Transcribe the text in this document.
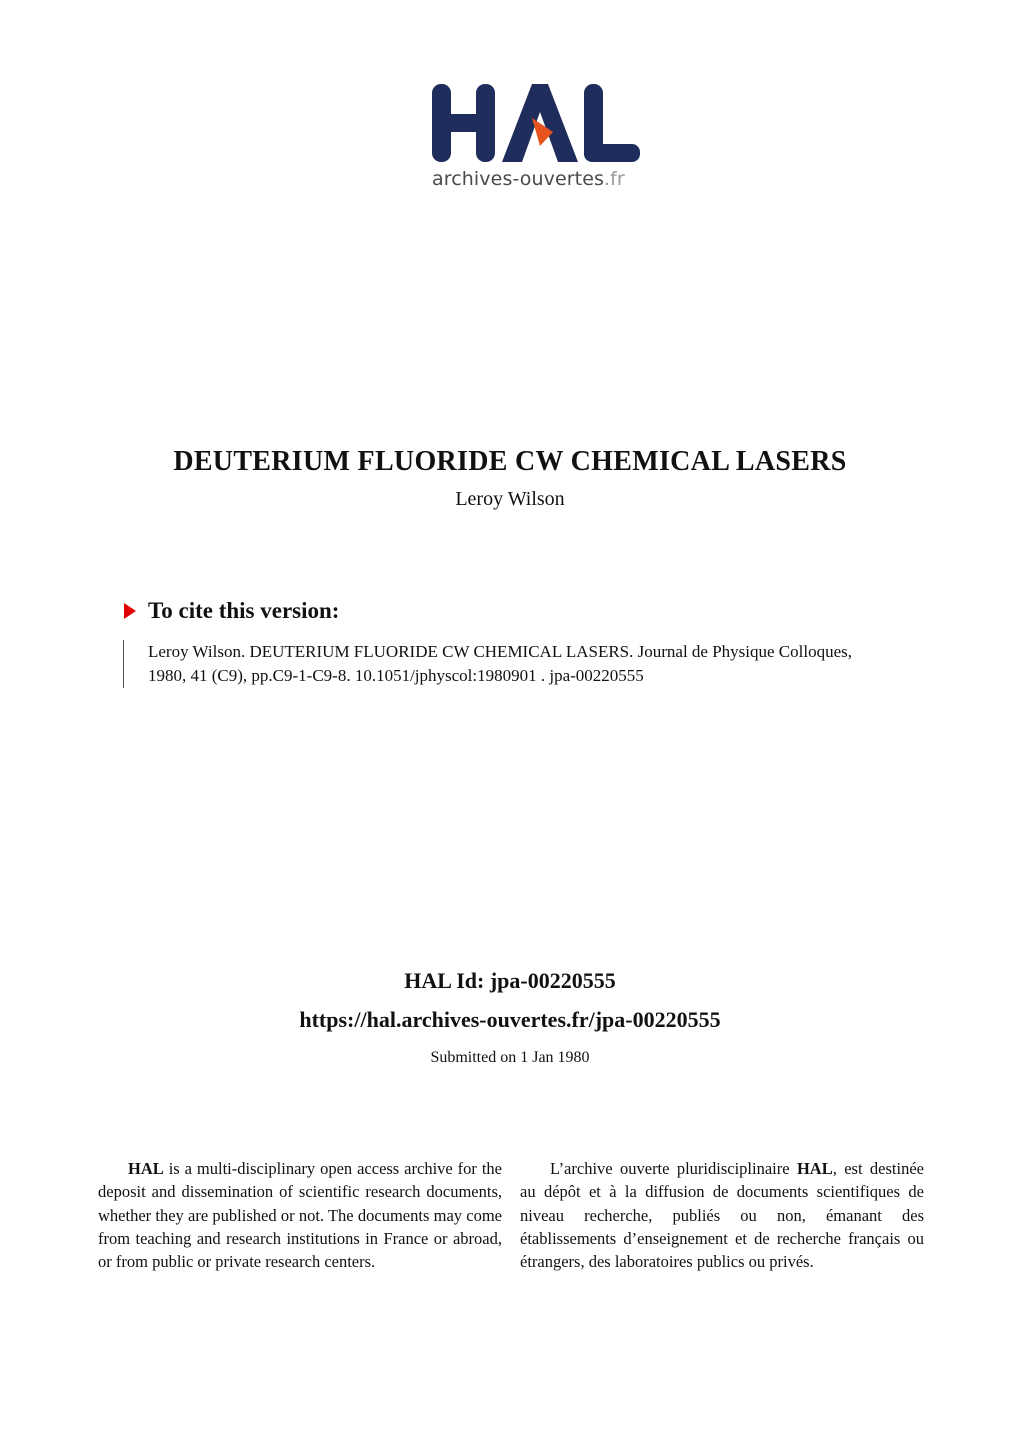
archives-ouvertes.fr
DEUTERIUM FLUORIDE CW CHEMICAL LASERS
Leroy Wilson
To cite this version:
Leroy Wilson. DEUTERIUM FLUORIDE CW CHEMICAL LASERS. Journal de Physique Colloques,
1980, 41 (C9), pp.C9-1-C9-8. 10.1051/jphyscol:1980901 . jpa-00220555
HAL Id: jpa-00220555
https://hal.archives-ouvertes.fr/jpa-00220555
Submitted on 1 Jan 1980

HAL is a multi-disciplinary open access archive for the deposit and dissemination of scientific research documents, whether they are published or not. The documents may come from teaching and research institutions in France or abroad, or from public or private research centers.

L’archive ouverte pluridisciplinaire HAL, est destinée au dépôt et à la diffusion de documents scientifiques de niveau recherche, publiés ou non, émanant des établissements d’enseignement et de recherche français ou étrangers, des laboratoires publics ou privés.
